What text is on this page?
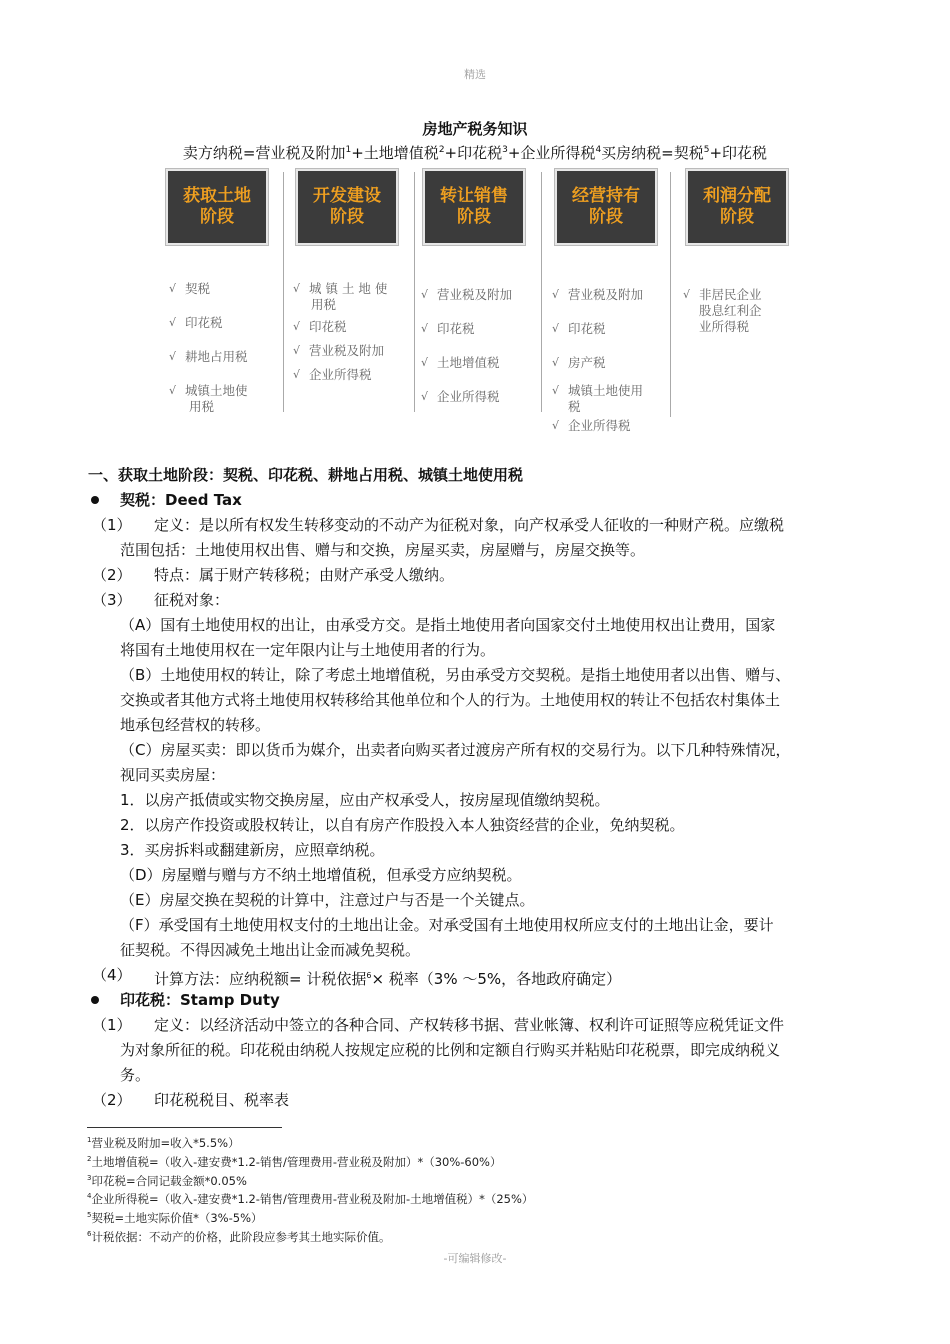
精选
-可编辑修改-
房地产税务知识
卖方纳税=营业税及附加$^1$+土地增值税$^2$+印花税$^3$+企业所得税$^4$买房纳税=契税$^5$+印花税
获取土地
阶段
开发建设
阶段
转让销售
阶段
经营持有
阶段
利润分配
阶段
√ 契税
√ 印花税
√ 耕地占用税
√ 城镇土地使
用税
√ 城 镇 土 地 使
用税
√ 印花税
√ 营业税及附加
√ 企业所得税
√ 营业税及附加
√ 印花税
√ 土地增值税
√ 企业所得税
√ 营业税及附加
√ 印花税
√ 房产税
√ 城镇土地使用
税
√ 企业所得税
√ 非居民企业
股息红利企
业所得税
一、获取土地阶段：契税、印花税、耕地占用税、城镇土地使用税
契税：Deed Tax
（1） 定义：是以所有权发生转移变动的不动产为征税对象，向产权承受人征收的一种财产税。应缴税
范围包括：土地使用权出售、赠与和交换，房屋买卖，房屋赠与，房屋交换等。
（2） 特点：属于财产转移税；由财产承受人缴纳。
（3） 征税对象：
（A）国有土地使用权的出让，由承受方交。是指土地使用者向国家交付土地使用权出让费用，国家
将国有土地使用权在一定年限内让与土地使用者的行为。
（B）土地使用权的转让，除了考虑土地增值税，另由承受方交契税。是指土地使用者以出售、赠与、
交换或者其他方式将土地使用权转移给其他单位和个人的行为。土地使用权的转让不包括农村集体土
地承包经营权的转移。
（C）房屋买卖：即以货币为媒介，出卖者向购买者过渡房产所有权的交易行为。以下几种特殊情况，
视同买卖房屋：
1．以房产抵债或实物交换房屋，应由产权承受人，按房屋现值缴纳契税。
2．以房产作投资或股权转让，以自有房产作股投入本人独资经营的企业，免纳契税。
3．买房拆料或翻建新房，应照章纳税。
（D）房屋赠与赠与方不纳土地增值税，但承受方应纳契税。
（E）房屋交换在契税的计算中，注意过户与否是一个关键点。
（F）承受国有土地使用权支付的土地出让金。对承受国有土地使用权所应支付的土地出让金，要计
征契税。不得因减免土地出让金而减免契税。
（4） 计算方法：应纳税额= 计税依据$^6$× 税率（3% ～5%，各地政府确定）
印花税：Stamp Duty
（1） 定义：以经济活动中签立的各种合同、产权转移书据、营业帐簿、权利许可证照等应税凭证文件
为对象所征的税。印花税由纳税人按规定应税的比例和定额自行购买并粘贴印花税票，即完成纳税义
务。
（2） 印花税税目、税率表
$^1$营业税及附加=收入*5.5%）
$^2$土地增值税=（收入-建安费*1.2-销售/管理费用-营业税及附加）*（30%-60%）
$^3$印花税=合同记载金额*0.05%
$^4$企业所得税=（收入-建安费*1.2-销售/管理费用-营业税及附加-土地增值税）*（25%）
$^5$契税=土地实际价值*（3%-5%）
$^6$计税依据：不动产的价格，此阶段应参考其土地实际价值。
